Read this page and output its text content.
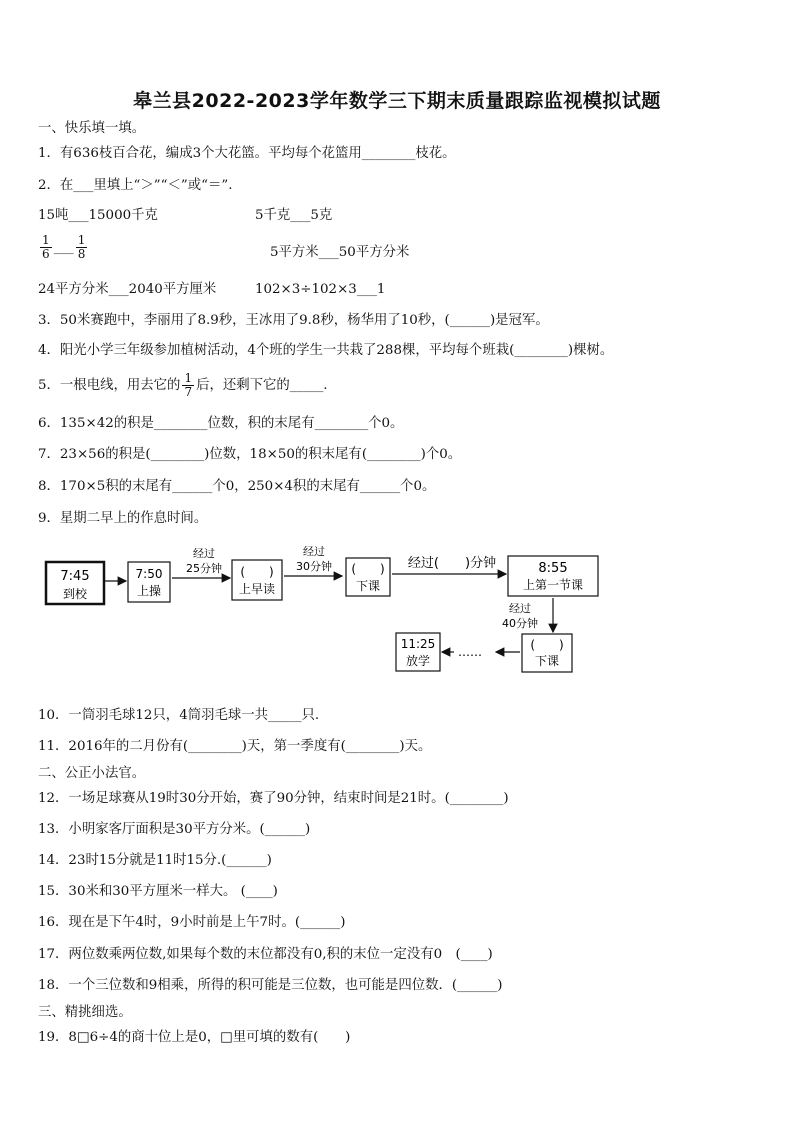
皋兰县2022-2023学年数学三下期末质量跟踪监视模拟试题
一、快乐填一填。
1．有636枝百合花，编成3个大花篮。平均每个花篮用________枝花。
2．在___里填上“＞”“＜”或“＝”.
15吨___15000千克	5千克___5克
$\frac{1}{6}$ ___ $\frac{1}{8}$	5平方米___50平方分米
24平方分米___2040平方厘米	102×3÷102×3___1
3．50米赛跑中，李丽用了8.9秒，王冰用了9.8秒，杨华用了10秒，(______)是冠军。
4．阳光小学三年级参加植树活动，4个班的学生一共栽了288棵，平均每个班栽(________)棵树。
5．一根电线，用去它的 $\frac{1}{7}$ 后，还剩下它的_____.
6．135×42的积是________位数，积的末尾有________个0。
7．23×56的积是(________)位数，18×50的积末尾有(________)个0。
8．170×5积的末尾有______个0，250×4积的末尾有______个0。
9．星期二早上的作息时间。
7:45
到校
7:50
上操
经过
25分钟 (　　)
上早读
经过
30分钟 (　　)
下课
经过(　　)分钟	8:55
上第一节课
经过
40分钟
(　　)
下课
……
11:25
放学
10．一筒羽毛球12只，4筒羽毛球一共_____只.
11．2016年的二月份有(________)天，第一季度有(________)天。
二、公正小法官。
12．一场足球赛从19时30分开始，赛了90分钟，结束时间是21时。(________)
13．小明家客厅面积是30平方分米。(______)
14．23时15分就是11时15分.(______)
15．30米和30平方厘米一样大。 (____)
16．现在是下午4时，9小时前是上午7时。(______)
17．两位数乘两位数,如果每个数的末位都没有0,积的末位一定没有0　(____)
18．一个三位数和9相乘，所得的积可能是三位数，也可能是四位数．(______)
三、精挑细选。
19．8□6÷4的商十位上是0，□里可填的数有(　　)
